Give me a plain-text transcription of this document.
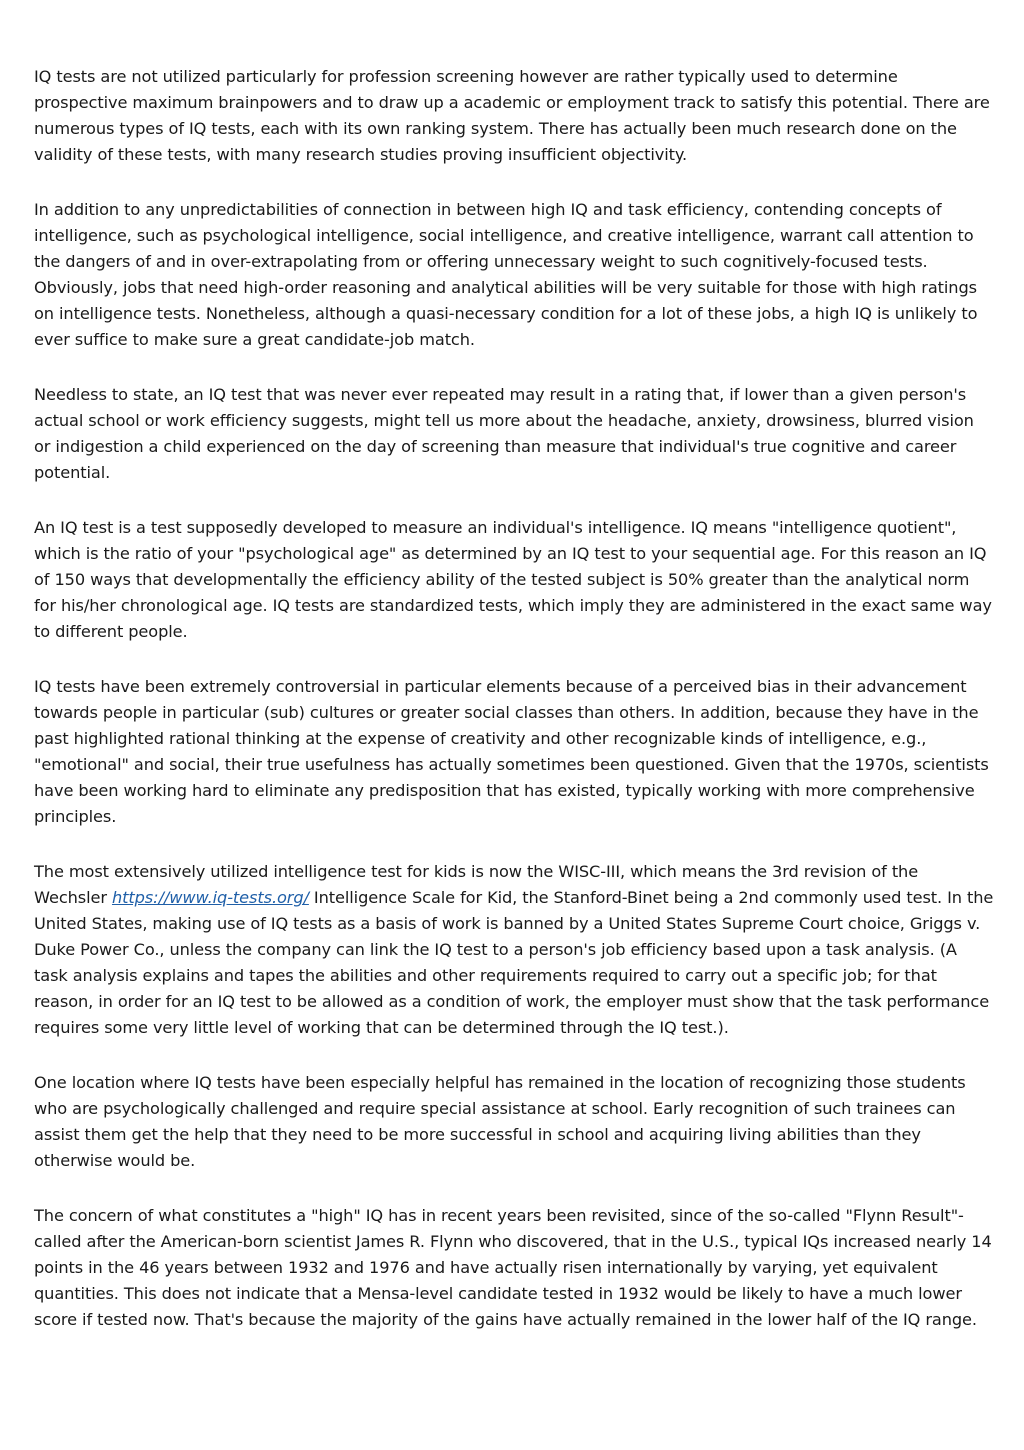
IQ tests are not utilized particularly for profession screening however are rather typically used to determine prospective maximum brainpowers and to draw up a academic or employment track to satisfy this potential. There are numerous types of IQ tests, each with its own ranking system. There has actually been much research done on the validity of these tests, with many research studies proving insufficient objectivity.

In addition to any unpredictabilities of connection in between high IQ and task efficiency, contending concepts of intelligence, such as psychological intelligence, social intelligence, and creative intelligence, warrant call attention to the dangers of and in over-extrapolating from or offering unnecessary weight to such cognitively-focused tests. Obviously, jobs that need high-order reasoning and analytical abilities will be very suitable for those with high ratings on intelligence tests. Nonetheless, although a quasi-necessary condition for a lot of these jobs, a high IQ is unlikely to ever suffice to make sure a great candidate-job match.

Needless to state, an IQ test that was never ever repeated may result in a rating that, if lower than a given person's actual school or work efficiency suggests, might tell us more about the headache, anxiety, drowsiness, blurred vision or indigestion a child experienced on the day of screening than measure that individual's true cognitive and career potential.

An IQ test is a test supposedly developed to measure an individual's intelligence. IQ means "intelligence quotient", which is the ratio of your "psychological age" as determined by an IQ test to your sequential age. For this reason an IQ of 150 ways that developmentally the efficiency ability of the tested subject is 50% greater than the analytical norm for his/her chronological age. IQ tests are standardized tests, which imply they are administered in the exact same way to different people.

IQ tests have been extremely controversial in particular elements because of a perceived bias in their advancement towards people in particular (sub) cultures or greater social classes than others. In addition, because they have in the past highlighted rational thinking at the expense of creativity and other recognizable kinds of intelligence, e.g., "emotional" and social, their true usefulness has actually sometimes been questioned. Given that the 1970s, scientists have been working hard to eliminate any predisposition that has existed, typically working with more comprehensive principles.

The most extensively utilized intelligence test for kids is now the WISC-III, which means the 3rd revision of the Wechsler https://www.iq-tests.org/ Intelligence Scale for Kid, the Stanford-Binet being a 2nd commonly used test. In the United States, making use of IQ tests as a basis of work is banned by a United States Supreme Court choice, Griggs v. Duke Power Co., unless the company can link the IQ test to a person's job efficiency based upon a task analysis. (A task analysis explains and tapes the abilities and other requirements required to carry out a specific job; for that reason, in order for an IQ test to be allowed as a condition of work, the employer must show that the task performance requires some very little level of working that can be determined through the IQ test.).

One location where IQ tests have been especially helpful has remained in the location of recognizing those students who are psychologically challenged and require special assistance at school. Early recognition of such trainees can assist them get the help that they need to be more successful in school and acquiring living abilities than they otherwise would be.

The concern of what constitutes a "high" IQ has in recent years been revisited, since of the so-called "Flynn Result"- called after the American-born scientist James R. Flynn who discovered, that in the U.S., typical IQs increased nearly 14 points in the 46 years between 1932 and 1976 and have actually risen internationally by varying, yet equivalent quantities. This does not indicate that a Mensa-level candidate tested in 1932 would be likely to have a much lower score if tested now. That's because the majority of the gains have actually remained in the lower half of the IQ range.
